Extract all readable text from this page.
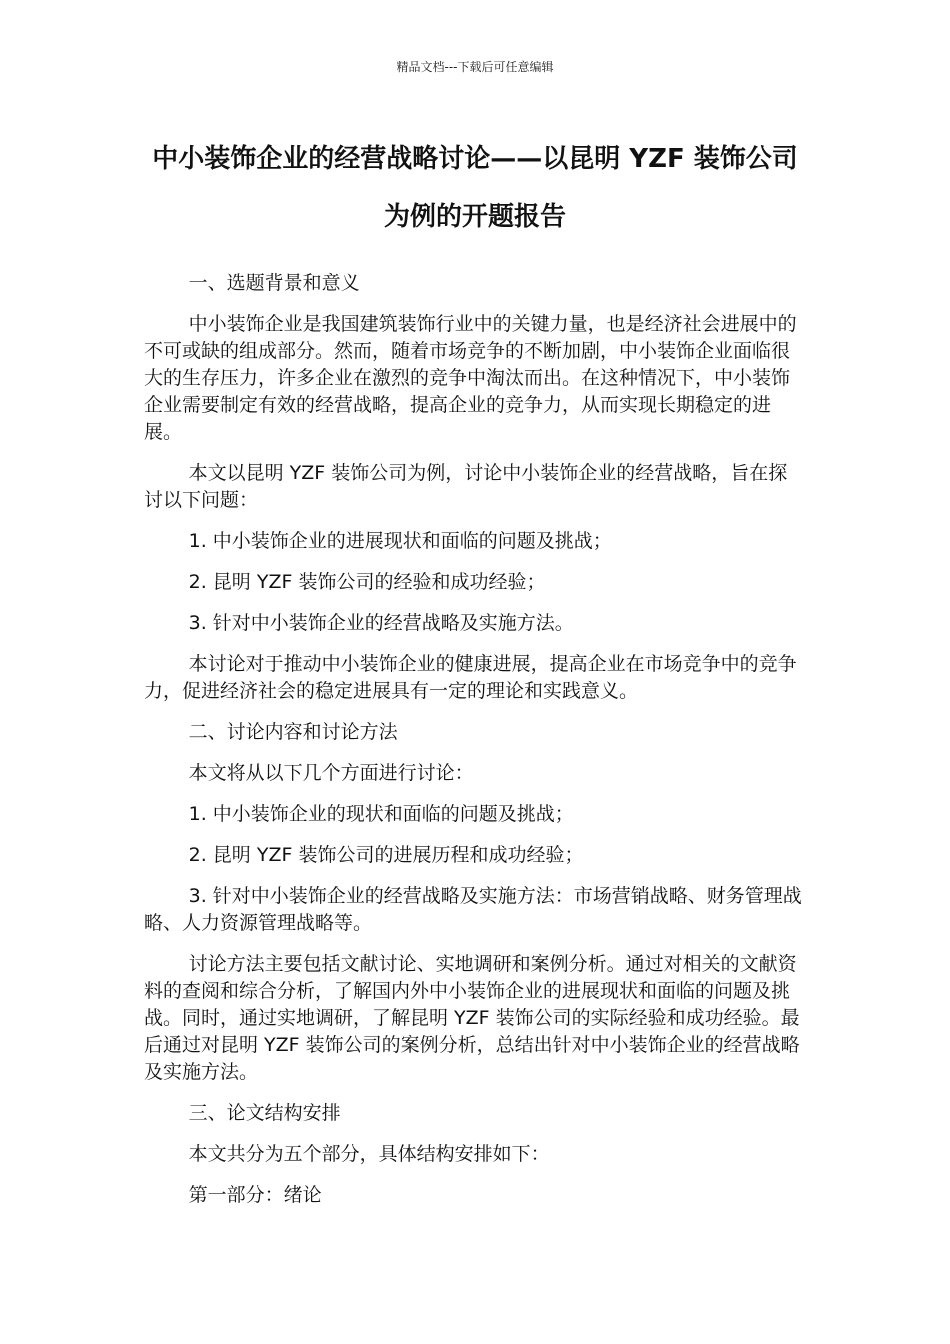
精品文档---下载后可任意编辑
中小装饰企业的经营战略讨论——以昆明 YZF 装饰公司为例的开题报告

一、选题背景和意义

中小装饰企业是我国建筑装饰行业中的关键力量，也是经济社会进展中的不可或缺的组成部分。然而，随着市场竞争的不断加剧，中小装饰企业面临很大的生存压力，许多企业在激烈的竞争中淘汰而出。在这种情况下，中小装饰企业需要制定有效的经营战略，提高企业的竞争力，从而实现长期稳定的进展。

本文以昆明 YZF 装饰公司为例，讨论中小装饰企业的经营战略，旨在探讨以下问题：

1. 中小装饰企业的进展现状和面临的问题及挑战；

2. 昆明 YZF 装饰公司的经验和成功经验；

3. 针对中小装饰企业的经营战略及实施方法。

本讨论对于推动中小装饰企业的健康进展，提高企业在市场竞争中的竞争力，促进经济社会的稳定进展具有一定的理论和实践意义。

二、讨论内容和讨论方法

本文将从以下几个方面进行讨论：

1. 中小装饰企业的现状和面临的问题及挑战；

2. 昆明 YZF 装饰公司的进展历程和成功经验；

3. 针对中小装饰企业的经营战略及实施方法：市场营销战略、财务管理战略、人力资源管理战略等。

讨论方法主要包括文献讨论、实地调研和案例分析。通过对相关的文献资料的查阅和综合分析，了解国内外中小装饰企业的进展现状和面临的问题及挑战。同时，通过实地调研，了解昆明 YZF 装饰公司的实际经验和成功经验。最后通过对昆明 YZF 装饰公司的案例分析，总结出针对中小装饰企业的经营战略及实施方法。

三、论文结构安排

本文共分为五个部分，具体结构安排如下：

第一部分：绪论
